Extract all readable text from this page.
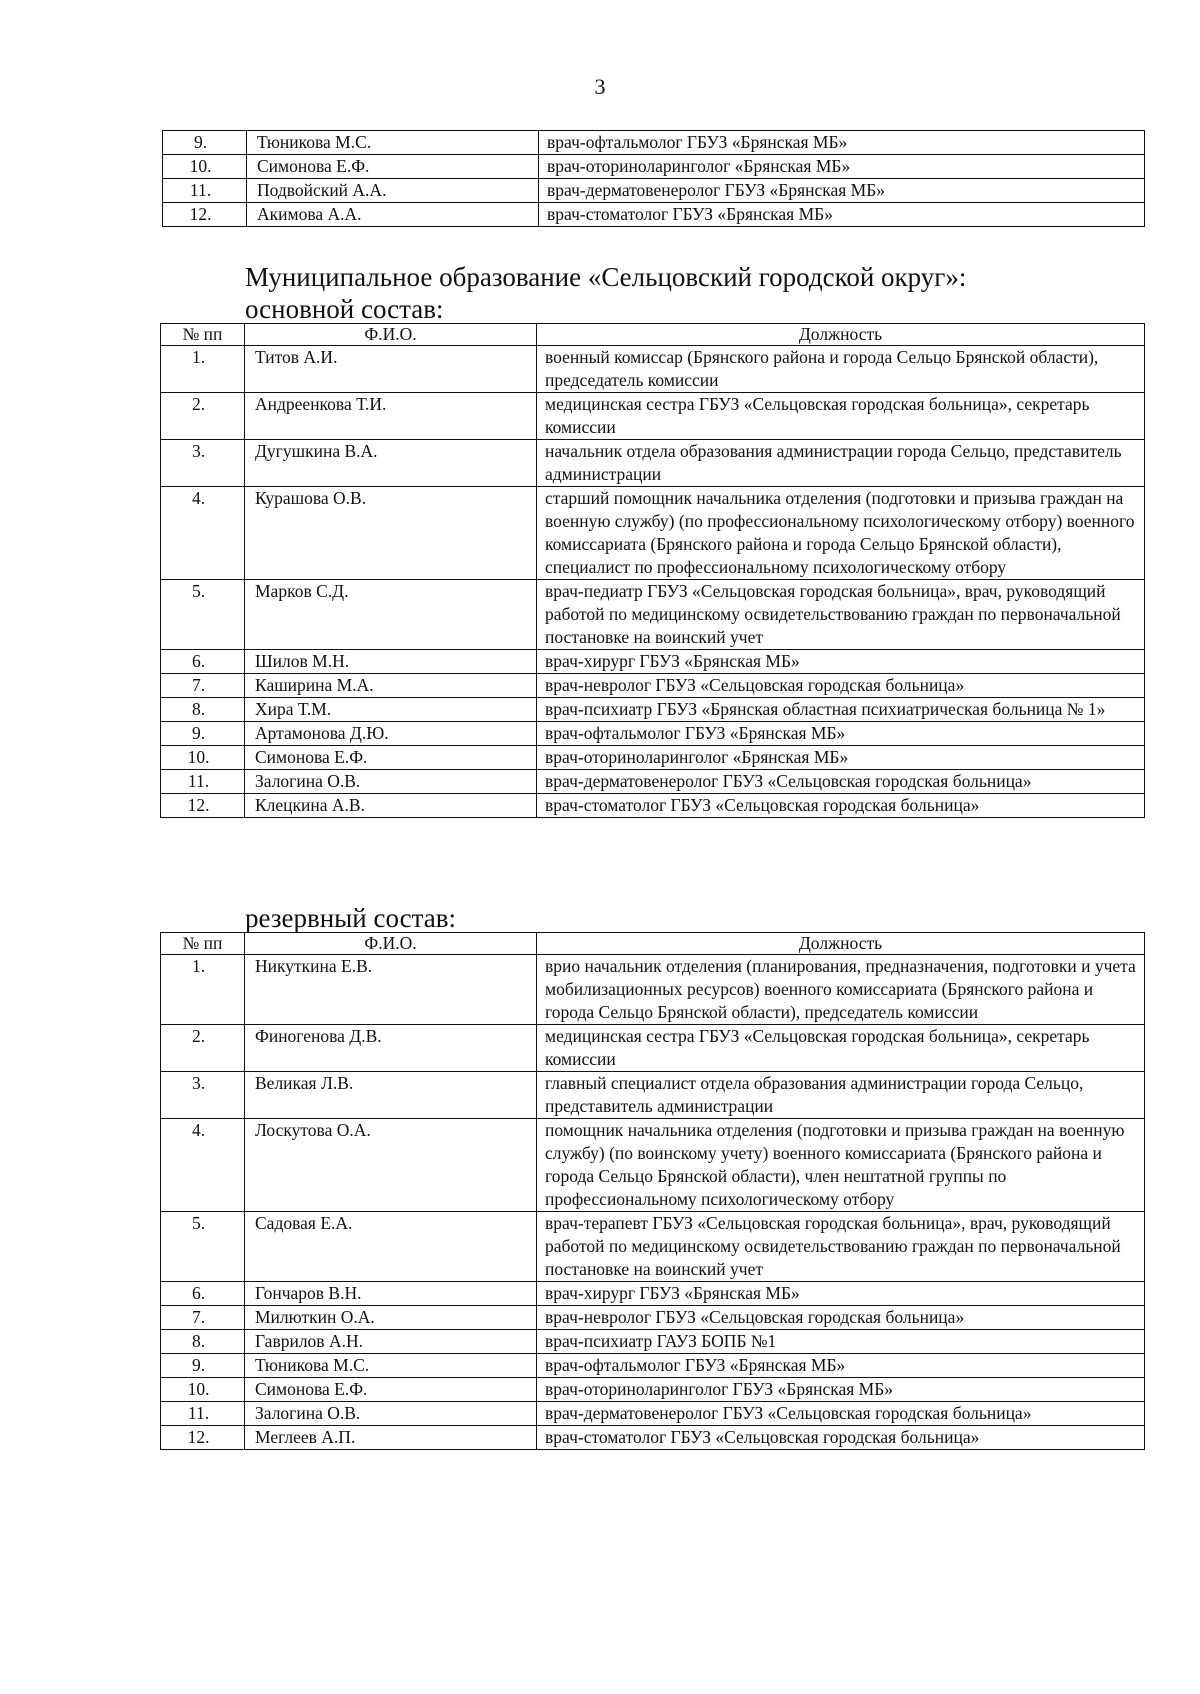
3
9.	Тюникова М.С.	врач-офтальмолог ГБУЗ «Брянская МБ»
10.	Симонова Е.Ф.	врач-оториноларинголог «Брянская МБ»
11.	Подвойский А.А.	врач-дерматовенеролог ГБУЗ «Брянская МБ»
12.	Акимова А.А.	врач-стоматолог ГБУЗ «Брянская МБ»
Муниципальное образование «Сельцовский городской округ»:
основной состав:
№ пп	Ф.И.О.	Должность
1.	Титов А.И.	военный комиссар (Брянского района и города Сельцо Брянской области), председатель комиссии
2.	Андреенкова Т.И.	медицинская сестра ГБУЗ «Сельцовская городская больница», секретарь комиссии
3.	Дугушкина В.А.	начальник отдела образования администрации города Сельцо, представитель администрации
4.	Курашова О.В.	старший помощник начальника отделения (подготовки и призыва граждан на военную службу) (по профессиональному психологическому отбору) военного комиссариата (Брянского района и города Сельцо Брянской области), специалист по профессиональному психологическому отбору
5.	Марков С.Д.	врач-педиатр ГБУЗ «Сельцовская городская больница», врач, руководящий работой по медицинскому освидетельствованию граждан по первоначальной постановке на воинский учет
6.	Шилов М.Н.	врач-хирург ГБУЗ «Брянская МБ»
7.	Каширина М.А.	врач-невролог ГБУЗ «Сельцовская городская больница»
8.	Хира Т.М.	врач-психиатр ГБУЗ «Брянская областная психиатрическая больница № 1»
9.	Артамонова Д.Ю.	врач-офтальмолог ГБУЗ «Брянская МБ»
10.	Симонова Е.Ф.	врач-оториноларинголог «Брянская МБ»
11.	Залогина О.В.	врач-дерматовенеролог ГБУЗ «Сельцовская городская больница»
12.	Клецкина А.В.	врач-стоматолог ГБУЗ «Сельцовская городская больница»
резервный состав:
№ пп	Ф.И.О.	Должность
1.	Никуткина Е.В.	врио начальник отделения (планирования, предназначения, подготовки и учета мобилизационных ресурсов) военного комиссариата (Брянского района и города Сельцо Брянской области), председатель комиссии
2.	Финогенова Д.В.	медицинская сестра ГБУЗ «Сельцовская городская больница», секретарь комиссии
3.	Великая Л.В.	главный специалист отдела образования администрации города Сельцо, представитель администрации
4.	Лоскутова О.А.	помощник начальника отделения (подготовки и призыва граждан на военную службу) (по воинскому учету) военного комиссариата (Брянского района и города Сельцо Брянской области), член нештатной группы по профессиональному психологическому отбору
5.	Садовая Е.А.	врач-терапевт ГБУЗ «Сельцовская городская больница», врач, руководящий работой по медицинскому освидетельствованию граждан по первоначальной постановке на воинский учет
6.	Гончаров В.Н.	врач-хирург ГБУЗ «Брянская МБ»
7.	Милюткин О.А.	врач-невролог ГБУЗ «Сельцовская городская больница»
8.	Гаврилов А.Н.	врач-психиатр ГАУЗ БОПБ №1
9.	Тюникова М.С.	врач-офтальмолог ГБУЗ «Брянская МБ»
10.	Симонова Е.Ф.	врач-оториноларинголог ГБУЗ «Брянская МБ»
11.	Залогина О.В.	врач-дерматовенеролог ГБУЗ «Сельцовская городская больница»
12.	Меглеев А.П.	врач-стоматолог ГБУЗ «Сельцовская городская больница»
